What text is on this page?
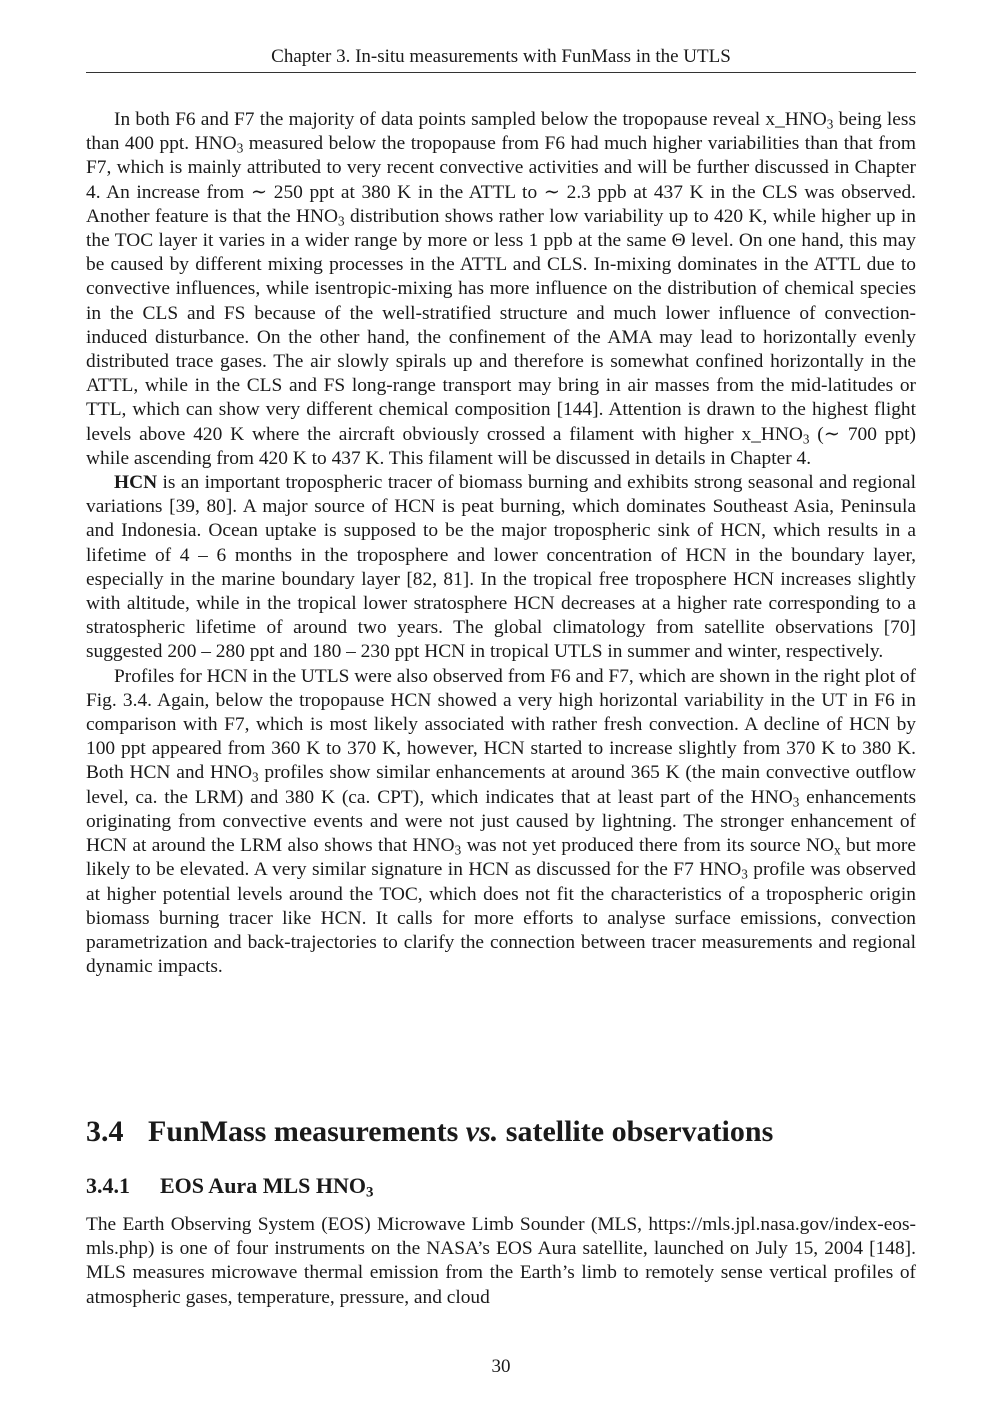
Chapter 3. In-situ measurements with FunMass in the UTLS

In both F6 and F7 the majority of data points sampled below the tropopause reveal $x\_HNO_3$ being less than 400 ppt. $HNO_3$ measured below the tropopause from F6 had much higher variabilities than that from F7, which is mainly attributed to very recent convective activities and will be further discussed in Chapter 4. An increase from ∼ 250 ppt at 380 K in the ATTL to ∼ 2.3 ppb at 437 K in the CLS was observed. Another feature is that the $HNO_3$ distribution shows rather low variability up to 420 K, while higher up in the TOC layer it varies in a wider range by more or less 1 ppb at the same Θ level. On one hand, this may be caused by different mixing processes in the ATTL and CLS. In-mixing dominates in the ATTL due to convective influences, while isentropic-mixing has more influence on the distribution of chemical species in the CLS and FS because of the well-stratified structure and much lower influence of convection-induced disturbance. On the other hand, the confinement of the AMA may lead to horizontally evenly distributed trace gases. The air slowly spirals up and therefore is somewhat confined horizontally in the ATTL, while in the CLS and FS long-range transport may bring in air masses from the mid-latitudes or TTL, which can show very different chemical composition [144]. Attention is drawn to the highest flight levels above 420 K where the aircraft obviously crossed a filament with higher $x\_HNO_3$ (∼ 700 ppt) while ascending from 420 K to 437 K. This filament will be discussed in details in Chapter 4.

HCN is an important tropospheric tracer of biomass burning and exhibits strong seasonal and regional variations [39, 80]. A major source of HCN is peat burning, which dominates Southeast Asia, Peninsula and Indonesia. Ocean uptake is supposed to be the major tropospheric sink of HCN, which results in a lifetime of 4 – 6 months in the troposphere and lower concentration of HCN in the boundary layer, especially in the marine boundary layer [82, 81]. In the tropical free troposphere HCN increases slightly with altitude, while in the tropical lower stratosphere HCN decreases at a higher rate corresponding to a stratospheric lifetime of around two years. The global climatology from satellite observations [70] suggested 200 – 280 ppt and 180 – 230 ppt HCN in tropical UTLS in summer and winter, respectively.

Profiles for HCN in the UTLS were also observed from F6 and F7, which are shown in the right plot of Fig. 3.4. Again, below the tropopause HCN showed a very high horizontal variability in the UT in F6 in comparison with F7, which is most likely associated with rather fresh convection. A decline of HCN by 100 ppt appeared from 360 K to 370 K, however, HCN started to increase slightly from 370 K to 380 K. Both HCN and $HNO_3$ profiles show similar enhancements at around 365 K (the main convective outflow level, ca. the LRM) and 380 K (ca. CPT), which indicates that at least part of the $HNO_3$ enhancements originating from convective events and were not just caused by lightning. The stronger enhancement of HCN at around the LRM also shows that $HNO_3$ was not yet produced there from its source $NO_x$ but more likely to be elevated. A very similar signature in HCN as discussed for the F7 $HNO_3$ profile was observed at higher potential levels around the TOC, which does not fit the characteristics of a tropospheric origin biomass burning tracer like HCN. It calls for more efforts to analyse surface emissions, convection parametrization and back-trajectories to clarify the connection between tracer measurements and regional dynamic impacts.

3.4 FunMass measurements vs. satellite observations
3.4.1 EOS Aura MLS $HNO_3$

The Earth Observing System (EOS) Microwave Limb Sounder (MLS, https://mls.jpl.nasa.gov/index-eos-mls.php) is one of four instruments on the NASA’s EOS Aura satellite, launched on July 15, 2004 [148]. MLS measures microwave thermal emission from the Earth’s limb to remotely sense vertical profiles of atmospheric gases, temperature, pressure, and cloud

30
